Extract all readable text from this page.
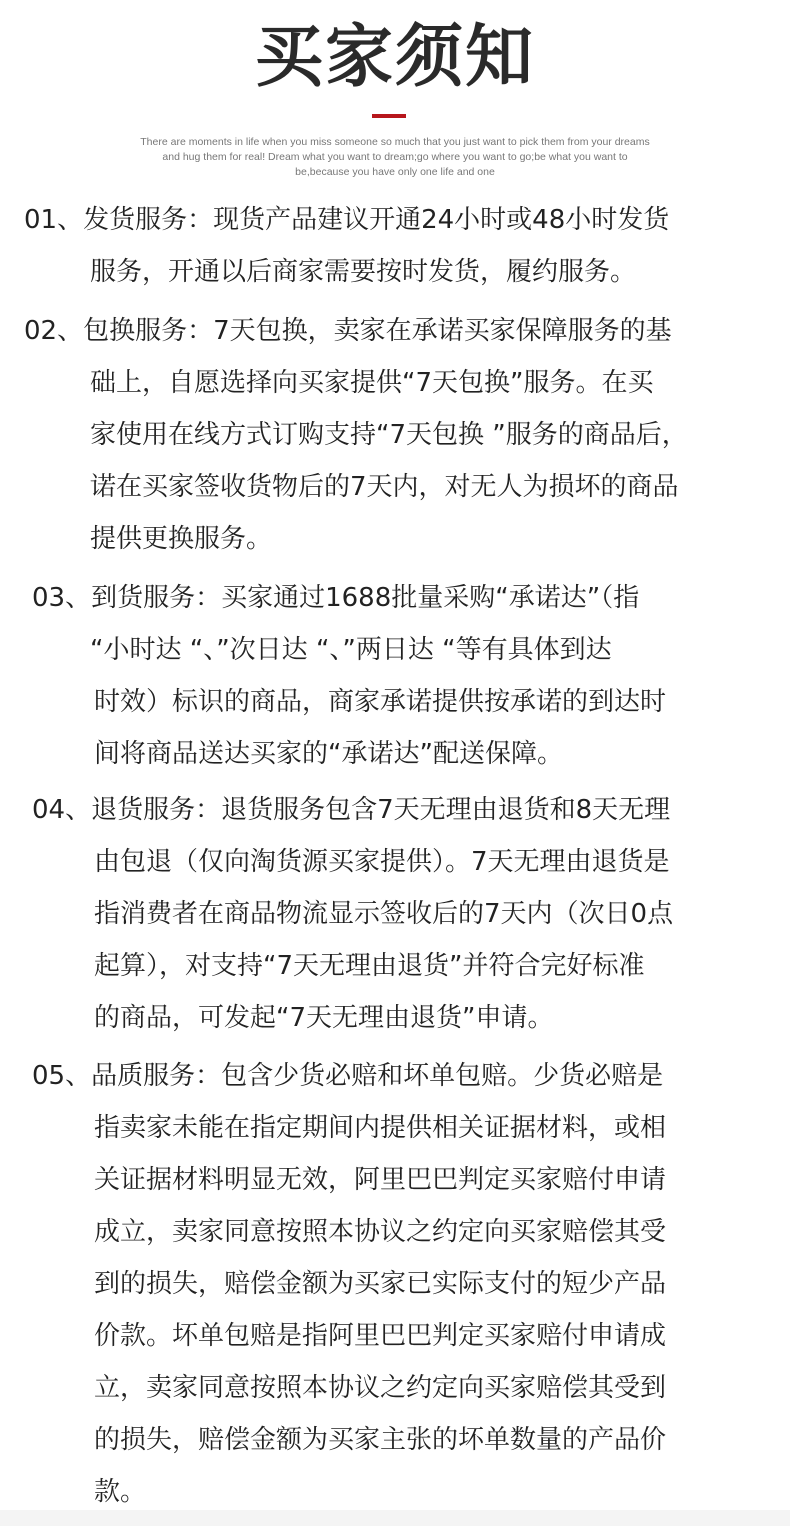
买家须知
There are moments in life when you miss someone so much that you just want to pick them from your dreams and hug them for real! Dream what you want to dream;go where you want to go;be what you want to be,because you have only one life and one
01、发货服务：现货产品建议开通24小时或48小时发货
服务，开通以后商家需要按时发货，履约服务。
02、包换服务：7天包换，卖家在承诺买家保障服务的基
础上，自愿选择向买家提供“7天包换”服务。在买
家使用在线方式订购支持“7天包换 ”服务的商品后，
诺在买家签收货物后的7天内，对无人为损坏的商品
提供更换服务。
03、到货服务：买家通过1688批量采购“承诺达”（指
“小时达 “、”次日达 “、”两日达 “等有具体到达
时效）标识的商品，商家承诺提供按承诺的到达时
间将商品送达买家的“承诺达”配送保障。
04、退货服务：退货服务包含7天无理由退货和8天无理
由包退（仅向淘货源买家提供）。7天无理由退货是
指消费者在商品物流显示签收后的7天内（次日0点
起算），对支持“7天无理由退货”并符合完好标准
的商品，可发起“7天无理由退货”申请。
05、品质服务：包含少货必赔和坏单包赔。少货必赔是
指卖家未能在指定期间内提供相关证据材料，或相
关证据材料明显无效，阿里巴巴判定买家赔付申请
成立，卖家同意按照本协议之约定向买家赔偿其受
到的损失，赔偿金额为买家已实际支付的短少产品
价款。坏单包赔是指阿里巴巴判定买家赔付申请成
立，卖家同意按照本协议之约定向买家赔偿其受到
的损失，赔偿金额为买家主张的坏单数量的产品价
款。
